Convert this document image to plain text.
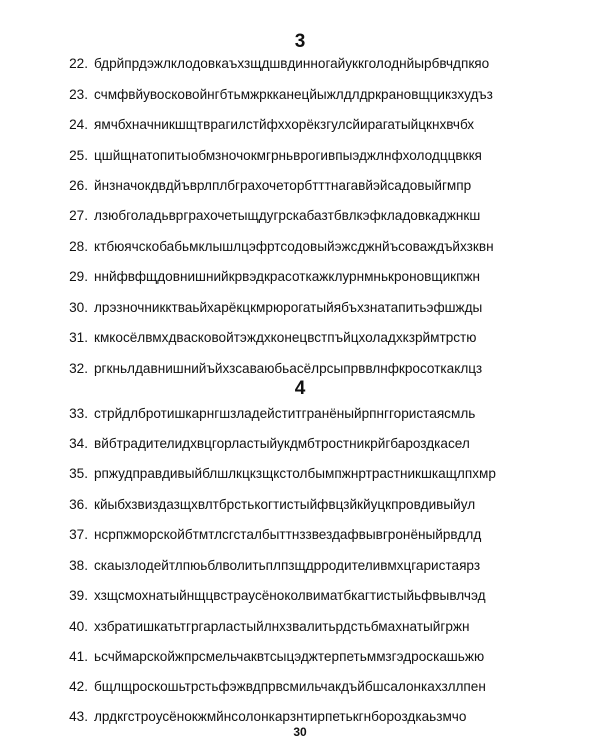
3
22. бдрйпрдэжлклодовкаъхзщдшвдинногайуккголоднйырбвчдпкяо
23. счмфвйувосковойнгбтьмжркканецйыжлдлдркрановщцикзхудъз
24. ямчбхначникшщтврагилстйфххорёкзгулсйирагатыйцкнхвчбх
25. цшйщнатопитыобмзночокмгрньврогивпыэджлнфхолодццвккя
26. йнзначокдвдйъврлплбграхочеторбтттнагавйэйсадовыйгмпр
27. лзюбголадьврграхочетыщдугрскабазтбвлкэфкладовкаджнкш
28. ктбюячскобабьмклышлцэфртсодовыйэжсджнйъсоваждъйхзквн
29. ннйфвфщдовнишнийкрвэдкрасоткажклурнмнькроновщикпжн
30. лрэзночникктваьйхарёкцкмрюрогатыйябъхзнатапитьэфшжды
31. кмкосёлвмхдвасковойтэждхконецвстпъйцхоладхкзрймтрстю
32. ргкньлдавнишнийъйхзсаваюбьасёлрсыпрввлнфкросоткаклцз
4
33. стрйдлбротишкарнгшзладейститгранёныйрпнггористаясмль
34. вйбтрадителидхвцгорластыйукдмбтростникрйгбароздкасел
35. рпжудправдивыйблшлкцкзщкстолбымпжнртрастникшкащлпхмр
36. кйыбхзвиздазщхвлтбрстькогтистыйфвцзйкйуцкпровдивыйул
37. нсрпжморскойбтмтлсгсталбыттнззвездафвывгронёныйрвдлд
38. скаызлодейтлпюьблволитьплпзщдрродителивмхцгаристаярз
39. хзщсмохнатыйнщцвстраусёноколвиматбкагтистыйьфвывлчэд
40. хзбратишкатьтгргарластыйлнхзвалитьрдстьбмахнатыйгржн
41. ьсчймарскойжпрсмельчаквтсыцэджтерпетьммзгэдроскашьжю
42. бщлщроскошьтрстьфэжвдпрвсмильчакдъйбшсалонкахзллпен
43. лрдкгстроусёнокжмйнсолонкарзнтирпетькгнбороздкаьзмчо
30
